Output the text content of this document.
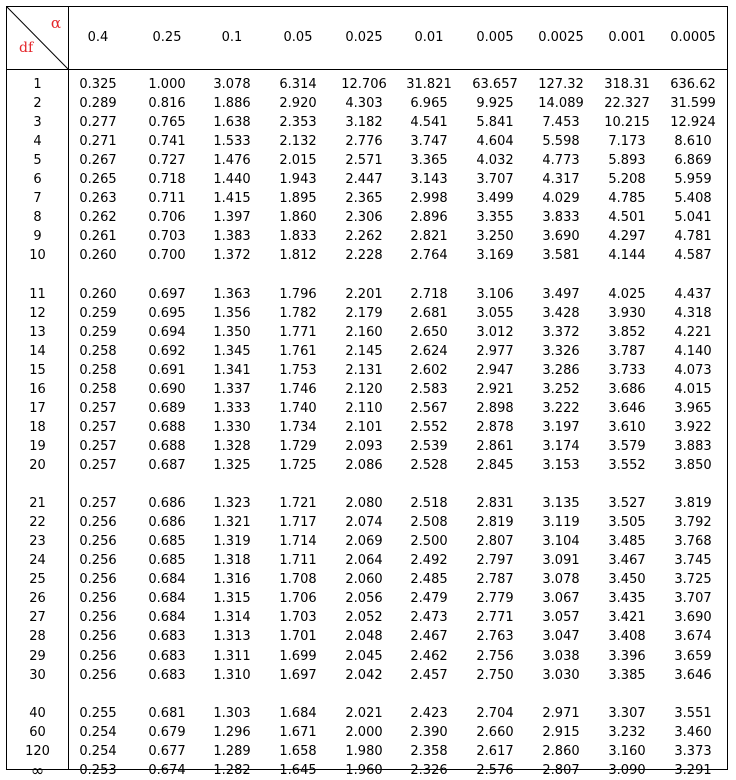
α
df
0.4	0.25	0.1	0.05	0.025	0.01	0.005	0.0025	0.001	0.0005
1	0.325	1.000	3.078	6.314	12.706	31.821	63.657	127.32	318.31	636.62
2	0.289	0.816	1.886	2.920	4.303	6.965	9.925	14.089	22.327	31.599
3	0.277	0.765	1.638	2.353	3.182	4.541	5.841	7.453	10.215	12.924
4	0.271	0.741	1.533	2.132	2.776	3.747	4.604	5.598	7.173	8.610
5	0.267	0.727	1.476	2.015	2.571	3.365	4.032	4.773	5.893	6.869
6	0.265	0.718	1.440	1.943	2.447	3.143	3.707	4.317	5.208	5.959
7	0.263	0.711	1.415	1.895	2.365	2.998	3.499	4.029	4.785	5.408
8	0.262	0.706	1.397	1.860	2.306	2.896	3.355	3.833	4.501	5.041
9	0.261	0.703	1.383	1.833	2.262	2.821	3.250	3.690	4.297	4.781
10	0.260	0.700	1.372	1.812	2.228	2.764	3.169	3.581	4.144	4.587
11	0.260	0.697	1.363	1.796	2.201	2.718	3.106	3.497	4.025	4.437
12	0.259	0.695	1.356	1.782	2.179	2.681	3.055	3.428	3.930	4.318
13	0.259	0.694	1.350	1.771	2.160	2.650	3.012	3.372	3.852	4.221
14	0.258	0.692	1.345	1.761	2.145	2.624	2.977	3.326	3.787	4.140
15	0.258	0.691	1.341	1.753	2.131	2.602	2.947	3.286	3.733	4.073
16	0.258	0.690	1.337	1.746	2.120	2.583	2.921	3.252	3.686	4.015
17	0.257	0.689	1.333	1.740	2.110	2.567	2.898	3.222	3.646	3.965
18	0.257	0.688	1.330	1.734	2.101	2.552	2.878	3.197	3.610	3.922
19	0.257	0.688	1.328	1.729	2.093	2.539	2.861	3.174	3.579	3.883
20	0.257	0.687	1.325	1.725	2.086	2.528	2.845	3.153	3.552	3.850
21	0.257	0.686	1.323	1.721	2.080	2.518	2.831	3.135	3.527	3.819
22	0.256	0.686	1.321	1.717	2.074	2.508	2.819	3.119	3.505	3.792
23	0.256	0.685	1.319	1.714	2.069	2.500	2.807	3.104	3.485	3.768
24	0.256	0.685	1.318	1.711	2.064	2.492	2.797	3.091	3.467	3.745
25	0.256	0.684	1.316	1.708	2.060	2.485	2.787	3.078	3.450	3.725
26	0.256	0.684	1.315	1.706	2.056	2.479	2.779	3.067	3.435	3.707
27	0.256	0.684	1.314	1.703	2.052	2.473	2.771	3.057	3.421	3.690
28	0.256	0.683	1.313	1.701	2.048	2.467	2.763	3.047	3.408	3.674
29	0.256	0.683	1.311	1.699	2.045	2.462	2.756	3.038	3.396	3.659
30	0.256	0.683	1.310	1.697	2.042	2.457	2.750	3.030	3.385	3.646
40	0.255	0.681	1.303	1.684	2.021	2.423	2.704	2.971	3.307	3.551
60	0.254	0.679	1.296	1.671	2.000	2.390	2.660	2.915	3.232	3.460
120	0.254	0.677	1.289	1.658	1.980	2.358	2.617	2.860	3.160	3.373
∞	0.253	0.674	1.282	1.645	1.960	2.326	2.576	2.807	3.090	3.291
